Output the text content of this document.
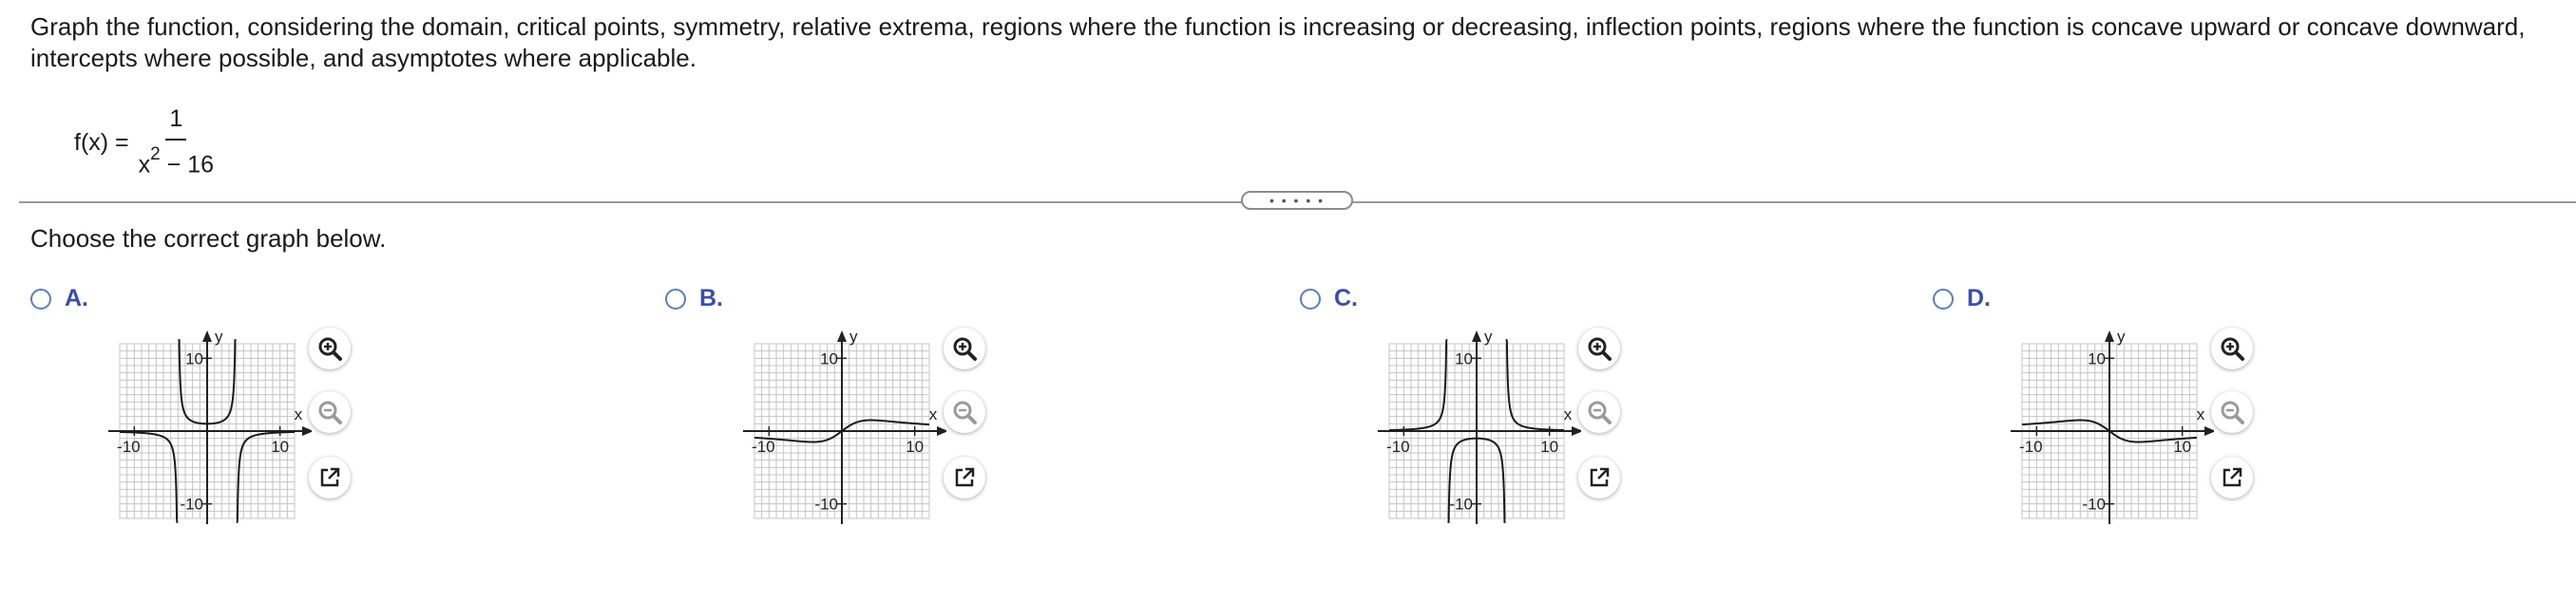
Graph the function, considering the domain, critical points, symmetry, relative extrema, regions where the function is increasing or decreasing, inflection points, regions where the function is concave upward or concave downward, intercepts where possible, and asymptotes where applicable.

$f(x) = \frac{1}{x^2 - 16}$
• • • • •

Choose the correct graph below.

A.
y
x
10
-10
10
-10
B.
y
x
10
-10
10
-10
C.
y
x
10
-10
10
-10
D.
y
x
10
-10
10
-10
